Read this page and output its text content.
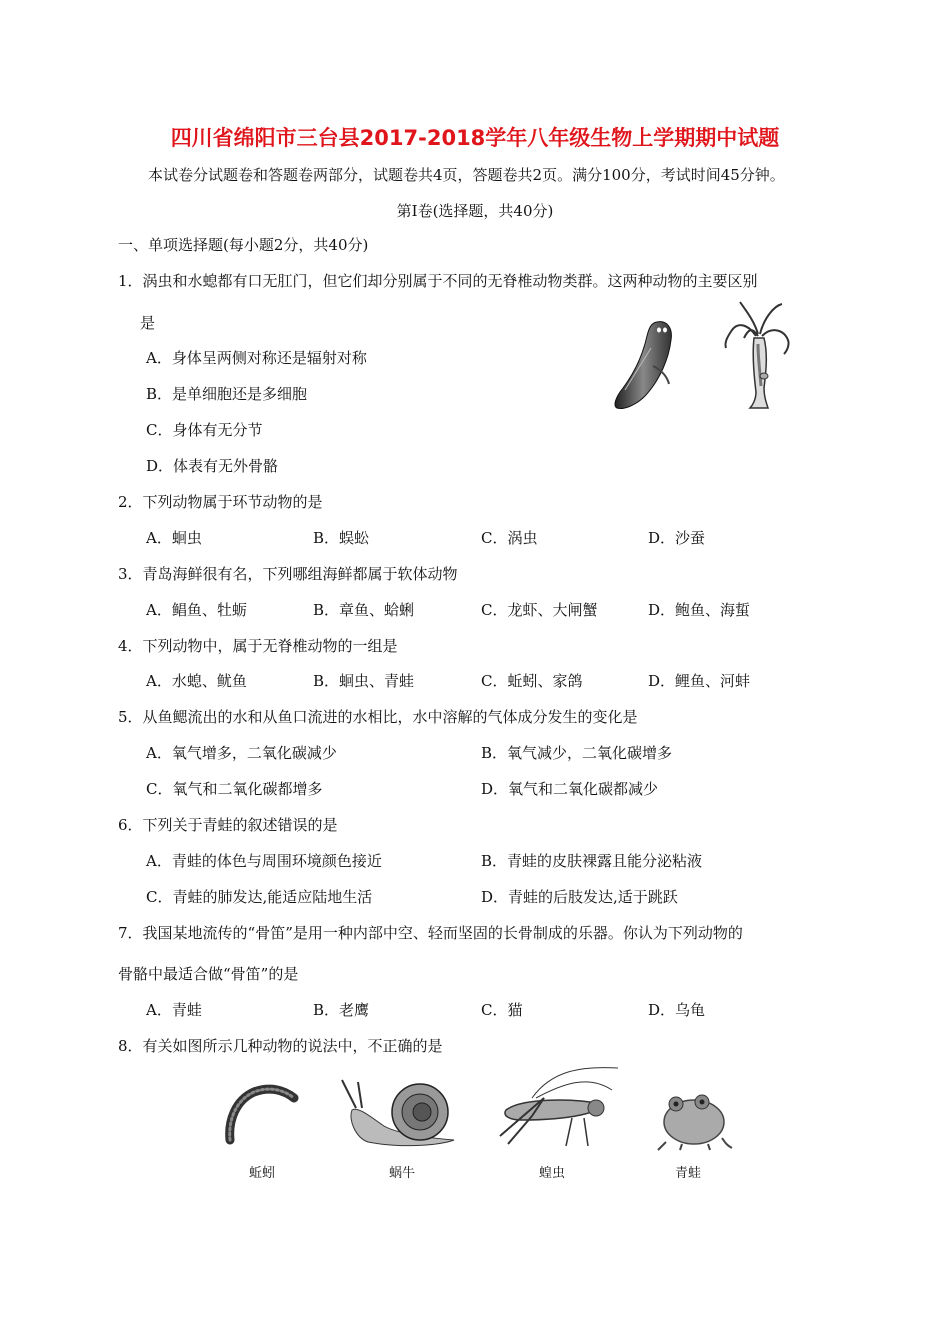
四川省绵阳市三台县2017-2018学年八年级生物上学期期中试题
本试卷分试题卷和答题卷两部分，试题卷共4页，答题卷共2页。满分100分，考试时间45分钟。
第Ⅰ卷(选择题，共40分)
一、单项选择题(每小题2分，共40分)
1．涡虫和水螅都有口无肛门，但它们却分别属于不同的无脊椎动物类群。这两种动物的主要区别
是
A．身体呈两侧对称还是辐射对称
B．是单细胞还是多细胞
C．身体有无分节
D．体表有无外骨骼
2．下列动物属于环节动物的是
A．蛔虫	B．蜈蚣	C．涡虫	D．沙蚕
3．青岛海鲜很有名，下列哪组海鲜都属于软体动物
A．鲳鱼、牡蛎	B．章鱼、蛤蜊	C．龙虾、大闸蟹	D．鲍鱼、海蜇
4．下列动物中，属于无脊椎动物的一组是
A．水螅、鱿鱼	B．蛔虫、青蛙	C．蚯蚓、家鸽	D．鲤鱼、河蚌
5．从鱼鳃流出的水和从鱼口流进的水相比，水中溶解的气体成分发生的变化是
A．氧气增多，二氧化碳减少	B．氧气减少，二氧化碳增多
C．氧气和二氧化碳都增多	D．氧气和二氧化碳都减少
6．下列关于青蛙的叙述错误的是
A．青蛙的体色与周围环境颜色接近	B．青蛙的皮肤裸露且能分泌粘液
C．青蛙的肺发达,能适应陆地生活	D．青蛙的后肢发达,适于跳跃
7．我国某地流传的“骨笛”是用一种内部中空、轻而坚固的长骨制成的乐器。你认为下列动物的
骨骼中最适合做“骨笛”的是
A．青蛙	B．老鹰	C．猫	D．乌龟
8．有关如图所示几种动物的说法中，不正确的是
蚯蚓	蜗牛	蝗虫	青蛙
